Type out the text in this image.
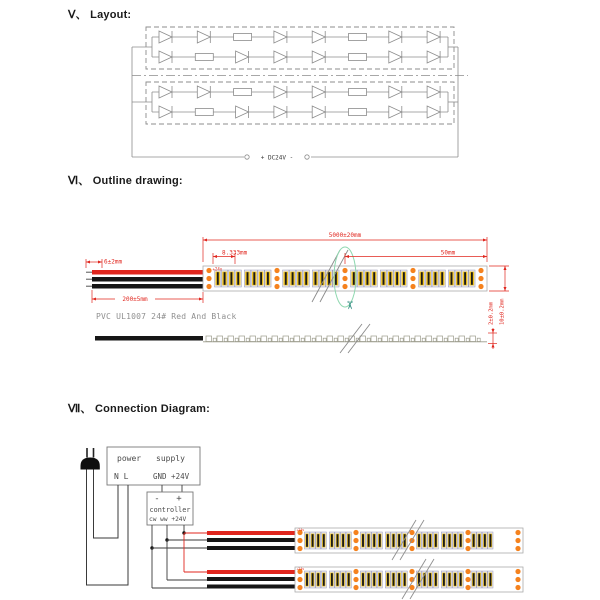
Ⅴ、 Layout:
+ DC24V -
Ⅵ、 Outline drawing:
+24v
✂
5000±20mm
6±2mm
200±5mm
8.333mm	50mm
10±0.2mm
2±0.2mm
PVC UL1007 24# Red And Black
Ⅶ、 Connection Diagram:
power supply
N L	GND +24V
- +
controller
cw ww +24V
+24v
+24v
